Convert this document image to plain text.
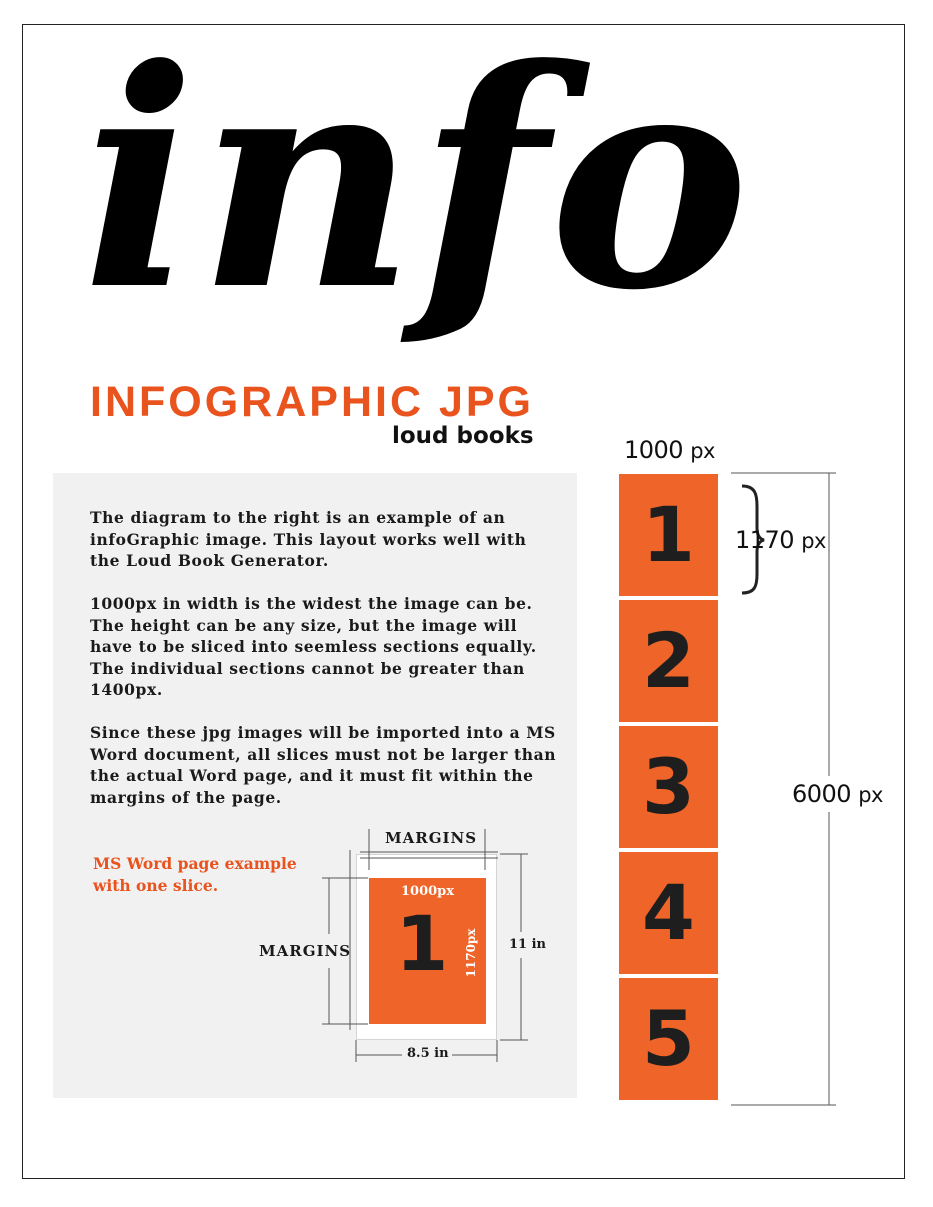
info
INFOGRAPHIC JPG
loud books

The diagram to the right is an example of an infoGraphic image. This layout works well with the Loud Book Generator.

1000px in width is the widest the image can be. The height can be any size, but the image will have to be sliced into seemless sections equally. The individual sections cannot be greater than 1400px.

Since these jpg images will be imported into a MS Word document, all slices must not be larger than the actual Word page, and it must fit within the margins of the page.

MS Word page example with one slice.	1000px
1	1170px
MARGINS
MARGINS	11 in
8.5 in
1000 px
1
2
3
4
5
1170 px
6000 px
